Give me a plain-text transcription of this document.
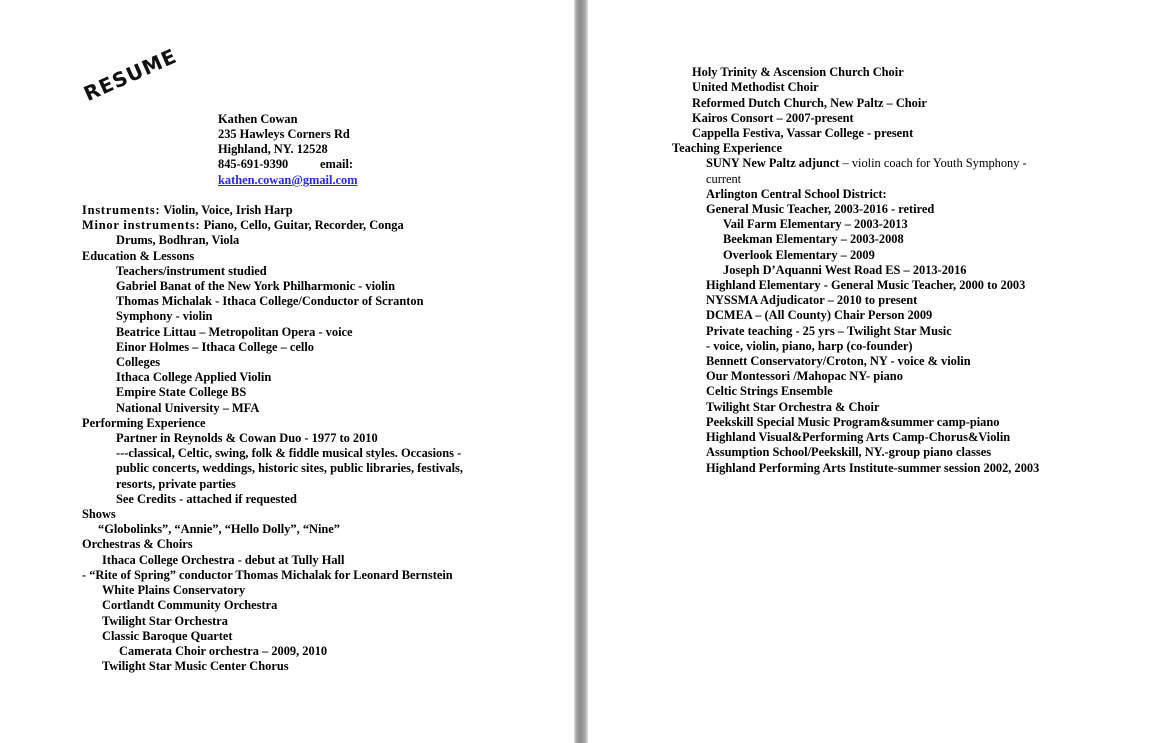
RESUME
Kathen Cowan
235 Hawleys Corners Rd
Highland, NY. 12528
845-691-9390	email:
kathen.cowan@gmail.com
Instruments: Violin, Voice, Irish Harp
Minor instruments: Piano, Cello, Guitar, Recorder, Conga
Drums, Bodhran, Viola
Education & Lessons
Teachers/instrument studied
Gabriel Banat of the New York Philharmonic - violin
Thomas Michalak - Ithaca College/Conductor of Scranton
Symphony - violin
Beatrice Littau – Metropolitan Opera - voice
Einor Holmes – Ithaca College – cello
Colleges
Ithaca College Applied Violin
Empire State College BS
National University – MFA
Performing Experience
Partner in Reynolds & Cowan Duo - 1977 to 2010
---classical, Celtic, swing, folk & fiddle musical styles. Occasions -
public concerts, weddings, historic sites, public libraries, festivals,
resorts, private parties
See Credits - attached if requested
Shows
“Globolinks”, “Annie”, “Hello Dolly”, “Nine”
Orchestras & Choirs
Ithaca College Orchestra - debut at Tully Hall
- “Rite of Spring” conductor Thomas Michalak for Leonard Bernstein
White Plains Conservatory
Cortlandt Community Orchestra
Twilight Star Orchestra
Classic Baroque Quartet
Camerata Choir orchestra – 2009, 2010
Twilight Star Music Center Chorus
Holy Trinity & Ascension Church Choir
United Methodist Choir
Reformed Dutch Church, New Paltz – Choir
Kairos Consort – 2007-present
Cappella Festiva, Vassar College - present
Teaching Experience
SUNY New Paltz adjunct – violin coach for Youth Symphony -
current
Arlington Central School District:
General Music Teacher, 2003-2016 - retired
Vail Farm Elementary – 2003-2013
Beekman Elementary – 2003-2008
Overlook Elementary – 2009
Joseph D’Aquanni West Road ES – 2013-2016
Highland Elementary - General Music Teacher, 2000 to 2003
NYSSMA Adjudicator – 2010 to present
DCMEA – (All County) Chair Person 2009
Private teaching - 25 yrs – Twilight Star Music
- voice, violin, piano, harp (co-founder)
Bennett Conservatory/Croton, NY - voice & violin
Our Montessori /Mahopac NY- piano
Celtic Strings Ensemble
Twilight Star Orchestra & Choir
Peekskill Special Music Program&summer camp-piano
Highland Visual&Performing Arts Camp-Chorus&Violin
Assumption School/Peekskill, NY.-group piano classes
Highland Performing Arts Institute-summer session 2002, 2003
